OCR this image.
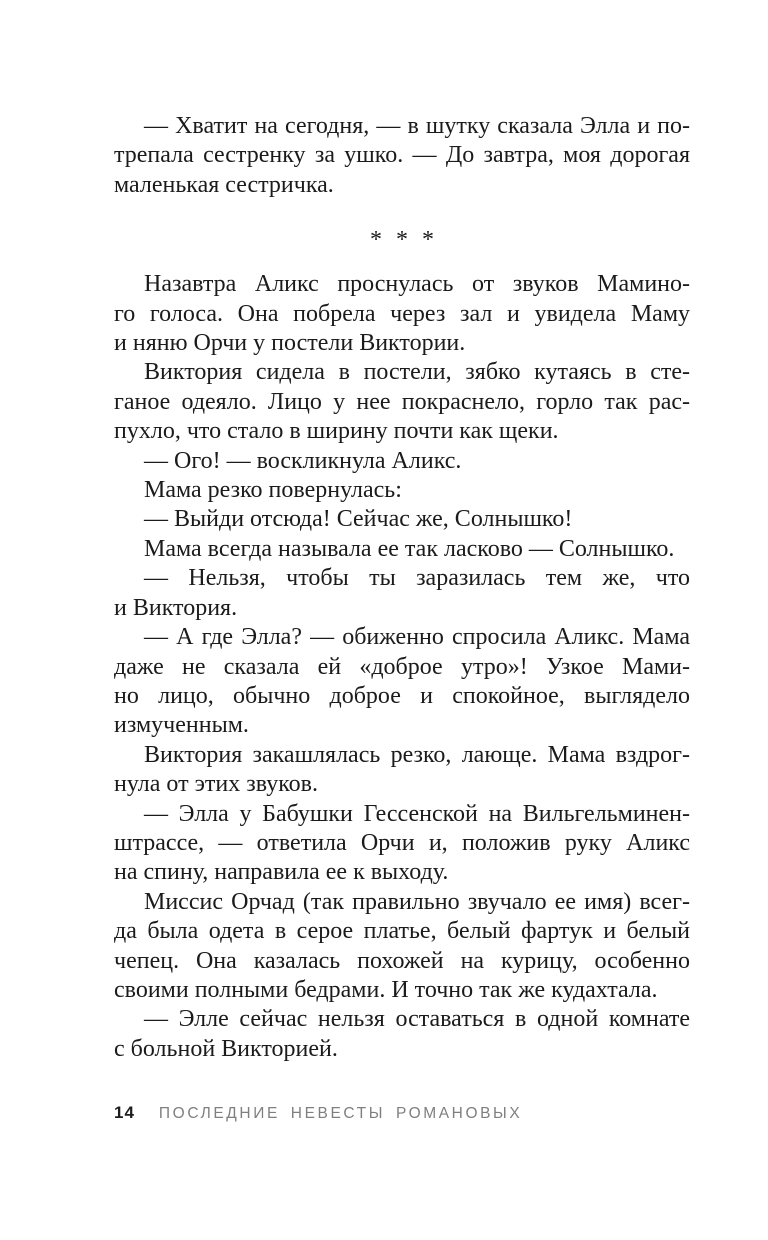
— Хватит на сегодня, — в шутку сказала Элла и по-
трепала сестренку за ушко. — До завтра, моя дорогая
маленькая сестричка.
* * *
Назавтра Аликс проснулась от звуков Мамино-
го голоса. Она побрела через зал и увидела Маму
и няню Орчи у постели Виктории.
Виктория сидела в постели, зябко кутаясь в сте-
ганое одеяло. Лицо у нее покраснело, горло так рас-
пухло, что стало в ширину почти как щеки.
— Ого! — воскликнула Аликс.
Мама резко повернулась:
— Выйди отсюда! Сейчас же, Солнышко!
Мама всегда называла ее так ласково — Солнышко.
— Нельзя, чтобы ты заразилась тем же, что
и Виктория.
— А где Элла? — обиженно спросила Аликс. Мама
даже не сказала ей «доброе утро»! Узкое Мами-
но лицо, обычно доброе и спокойное, выглядело
измученным.
Виктория закашлялась резко, лающе. Мама вздрог-
нула от этих звуков.
— Элла у Бабушки Гессенской на Вильгельминен-
штрассе, — ответила Орчи и, положив руку Аликс
на спину, направила ее к выходу.
Миссис Орчад (так правильно звучало ее имя) всег-
да была одета в серое платье, белый фартук и белый
чепец. Она казалась похожей на курицу, особенно
своими полными бедрами. И точно так же кудахтала.
— Элле сейчас нельзя оставаться в одной комнате
с больной Викторией.
14 ПОСЛЕДНИЕ НЕВЕСТЫ РОМАНОВЫХ
